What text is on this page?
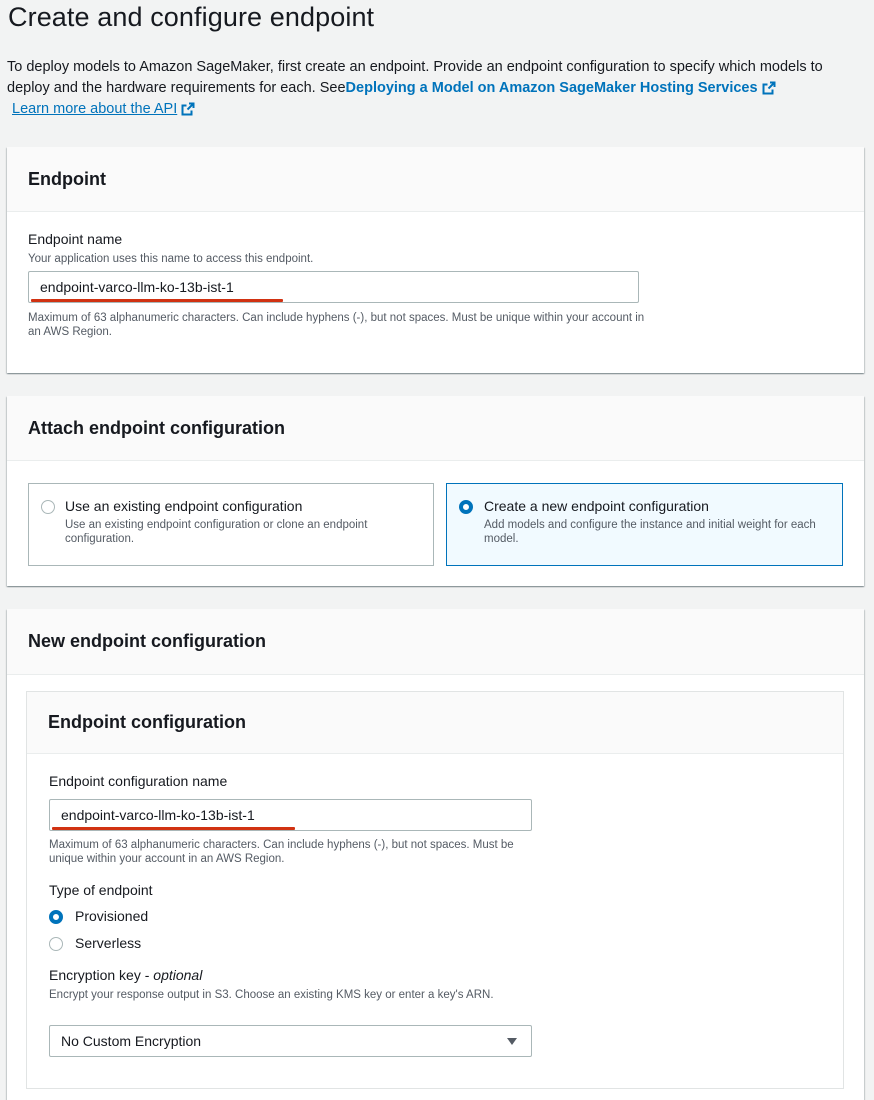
Create and configure endpoint
To deploy models to Amazon SageMaker, first create an endpoint. Provide an endpoint configuration to specify which models to deploy and the hardware requirements for each. SeeDeploying a Model on Amazon SageMaker Hosting Services
Learn more about the API
Endpoint
Endpoint name
Your application uses this name to access this endpoint.
endpoint-varco-llm-ko-13b-ist-1
Maximum of 63 alphanumeric characters. Can include hyphens (-), but not spaces. Must be unique within your account in an AWS Region.
Attach endpoint configuration
Use an existing endpoint configuration
Use an existing endpoint configuration or clone an endpoint configuration.
Create a new endpoint configuration
Add models and configure the instance and initial weight for each model.
New endpoint configuration
Endpoint configuration
Endpoint configuration name
endpoint-varco-llm-ko-13b-ist-1
Maximum of 63 alphanumeric characters. Can include hyphens (-), but not spaces. Must be unique within your account in an AWS Region.
Type of endpoint
Provisioned
Serverless
Encryption key - optional
Encrypt your response output in S3. Choose an existing KMS key or enter a key's ARN.
No Custom Encryption
